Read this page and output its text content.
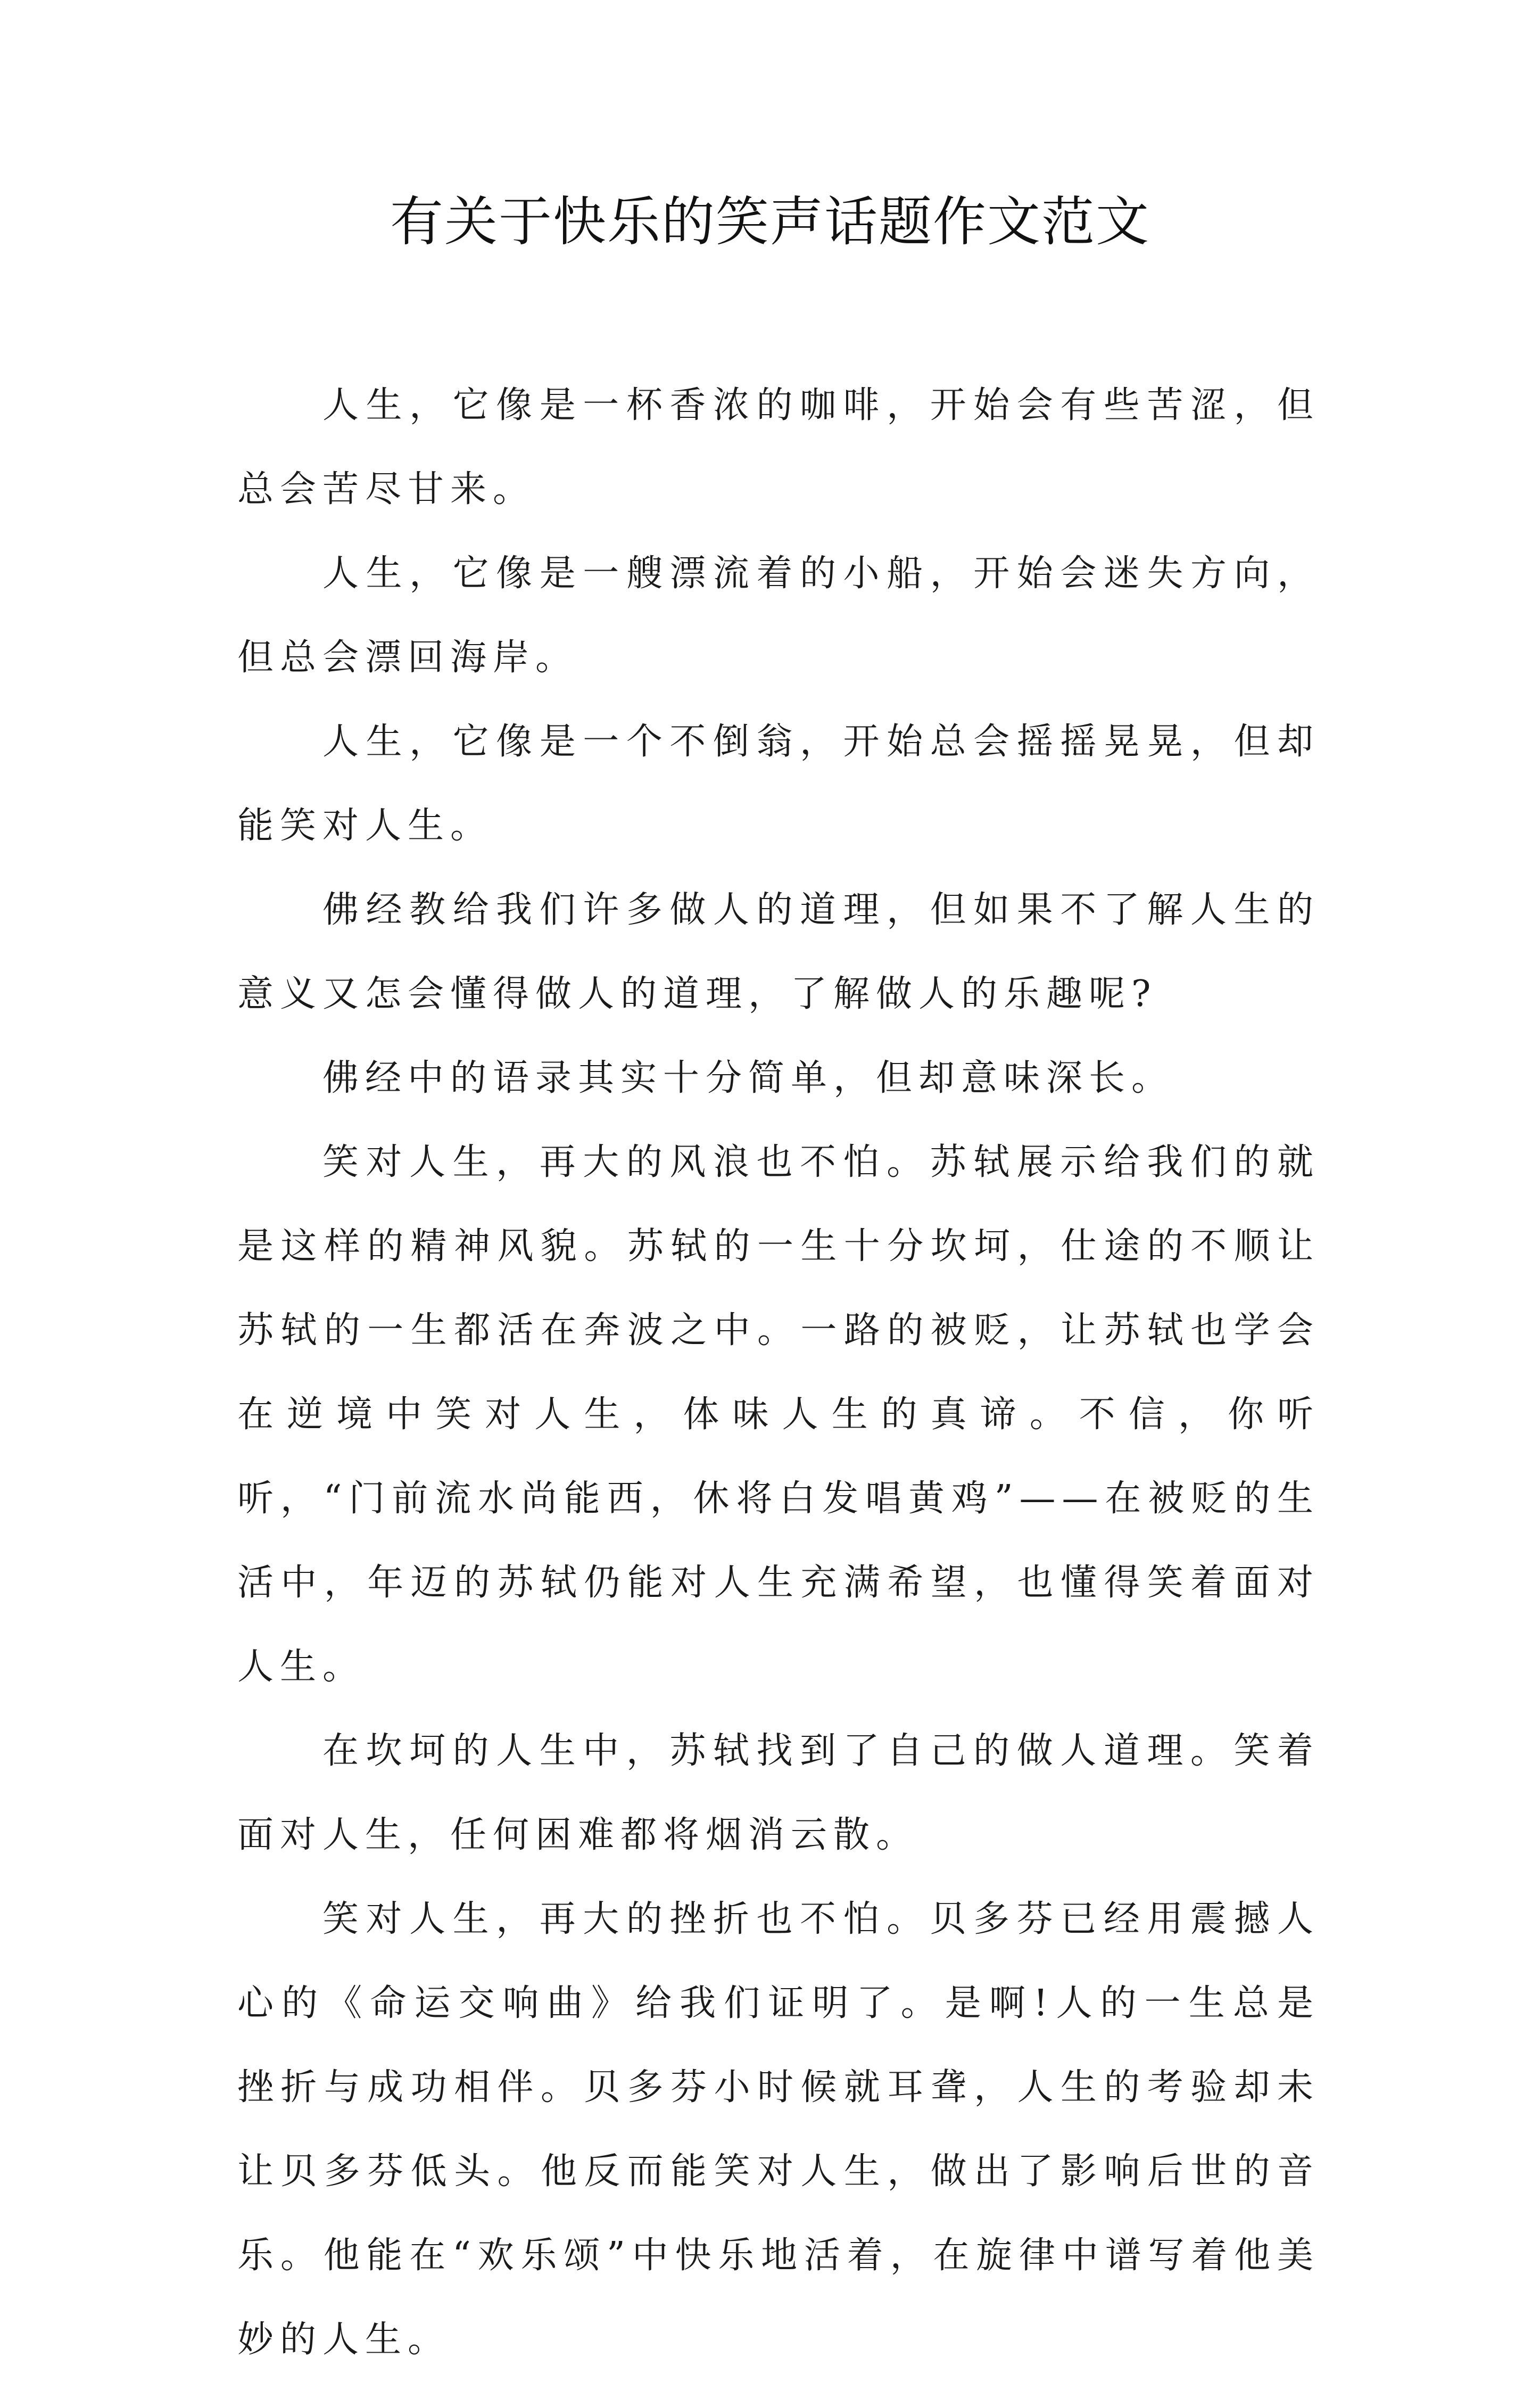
有关于快乐的笑声话题作文范文

人生，它像是一杯香浓的咖啡，开始会有些苦涩，但总会苦尽甘来。

人生，它像是一艘漂流着的小船，开始会迷失方向，但总会漂回海岸。

人生，它像是一个不倒翁，开始总会摇摇晃晃，但却能笑对人生。

佛经教给我们许多做人的道理，但如果不了解人生的意义又怎会懂得做人的道理，了解做人的乐趣呢?

佛经中的语录其实十分简单，但却意味深长。

笑对人生，再大的风浪也不怕。苏轼展示给我们的就是这样的精神风貌。苏轼的一生十分坎坷，仕途的不顺让苏轼的一生都活在奔波之中。一路的被贬，让苏轼也学会在逆境中笑对人生，体味人生的真谛。不信，你听听，“门前流水尚能西，休将白发唱黄鸡”——在被贬的生活中，年迈的苏轼仍能对人生充满希望，也懂得笑着面对人生。

在坎坷的人生中，苏轼找到了自己的做人道理。笑着面对人生，任何困难都将烟消云散。

笑对人生，再大的挫折也不怕。贝多芬已经用震撼人心的《命运交响曲》给我们证明了。是啊!人的一生总是挫折与成功相伴。贝多芬小时候就耳聋，人生的考验却未让贝多芬低头。他反而能笑对人生，做出了影响后世的音乐。他能在“欢乐颂”中快乐地活着，在旋律中谱写着他美妙的人生。
